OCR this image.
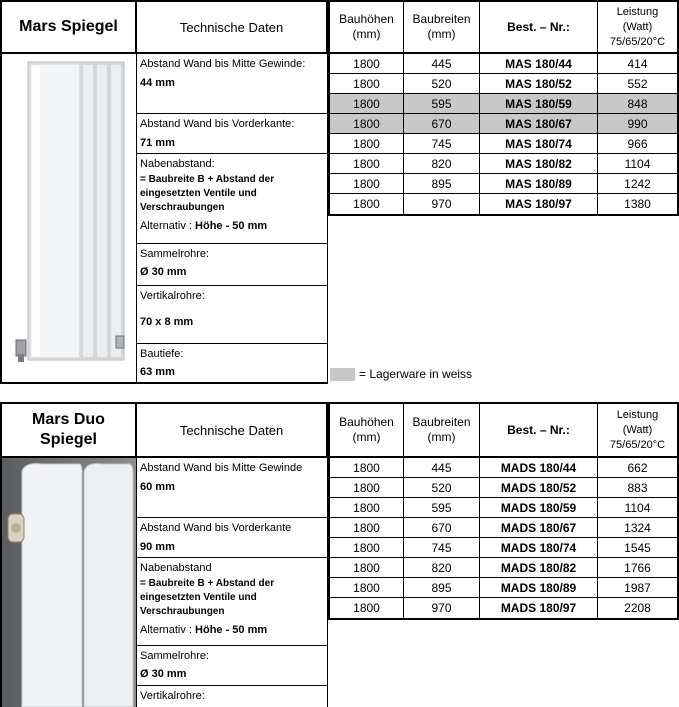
Mars Spiegel	Technische Daten
Abstand Wand bis Mitte Gewinde:
44 mm
Abstand Wand bis Vorderkante:
71 mm
Nabenabstand:
= Baubreite B + Abstand der eingesetzten Ventile und Verschraubungen
Alternativ : Höhe - 50 mm
Sammelrohre:
Ø 30 mm
Vertikalrohre:
70 x 8 mm
Bautiefe:
63 mm
Bauhöhen
(mm)
Baubreiten
(mm)
Best. – Nr.:
Leistung
(Watt)
75/65/20°C
1800	445	MAS 180/44	414
1800	520	MAS 180/52	552
1800	595	MAS 180/59	848
1800	670	MAS 180/67	990
1800	745	MAS 180/74	966
1800	820	MAS 180/82	1104
1800	895	MAS 180/89	1242
1800	970	MAS 180/97	1380
= Lagerware in weiss
Mars Duo Spiegel
Technische Daten
Abstand Wand bis Mitte Gewinde
60 mm
Abstand Wand bis Vorderkante
90 mm
Nabenabstand
= Baubreite B + Abstand der eingesetzten Ventile und Verschraubungen
Alternativ : Höhe - 50 mm
Sammelrohre:
Ø 30 mm
Vertikalrohre:
Bauhöhen
(mm)
Baubreiten
(mm)
Best. – Nr.:
Leistung
(Watt)
75/65/20°C
1800	445	MADS 180/44	662
1800	520	MADS 180/52	883
1800	595	MADS 180/59	1104
1800	670	MADS 180/67	1324
1800	745	MADS 180/74	1545
1800	820	MADS 180/82	1766
1800	895	MADS 180/89	1987
1800	970	MADS 180/97	2208
